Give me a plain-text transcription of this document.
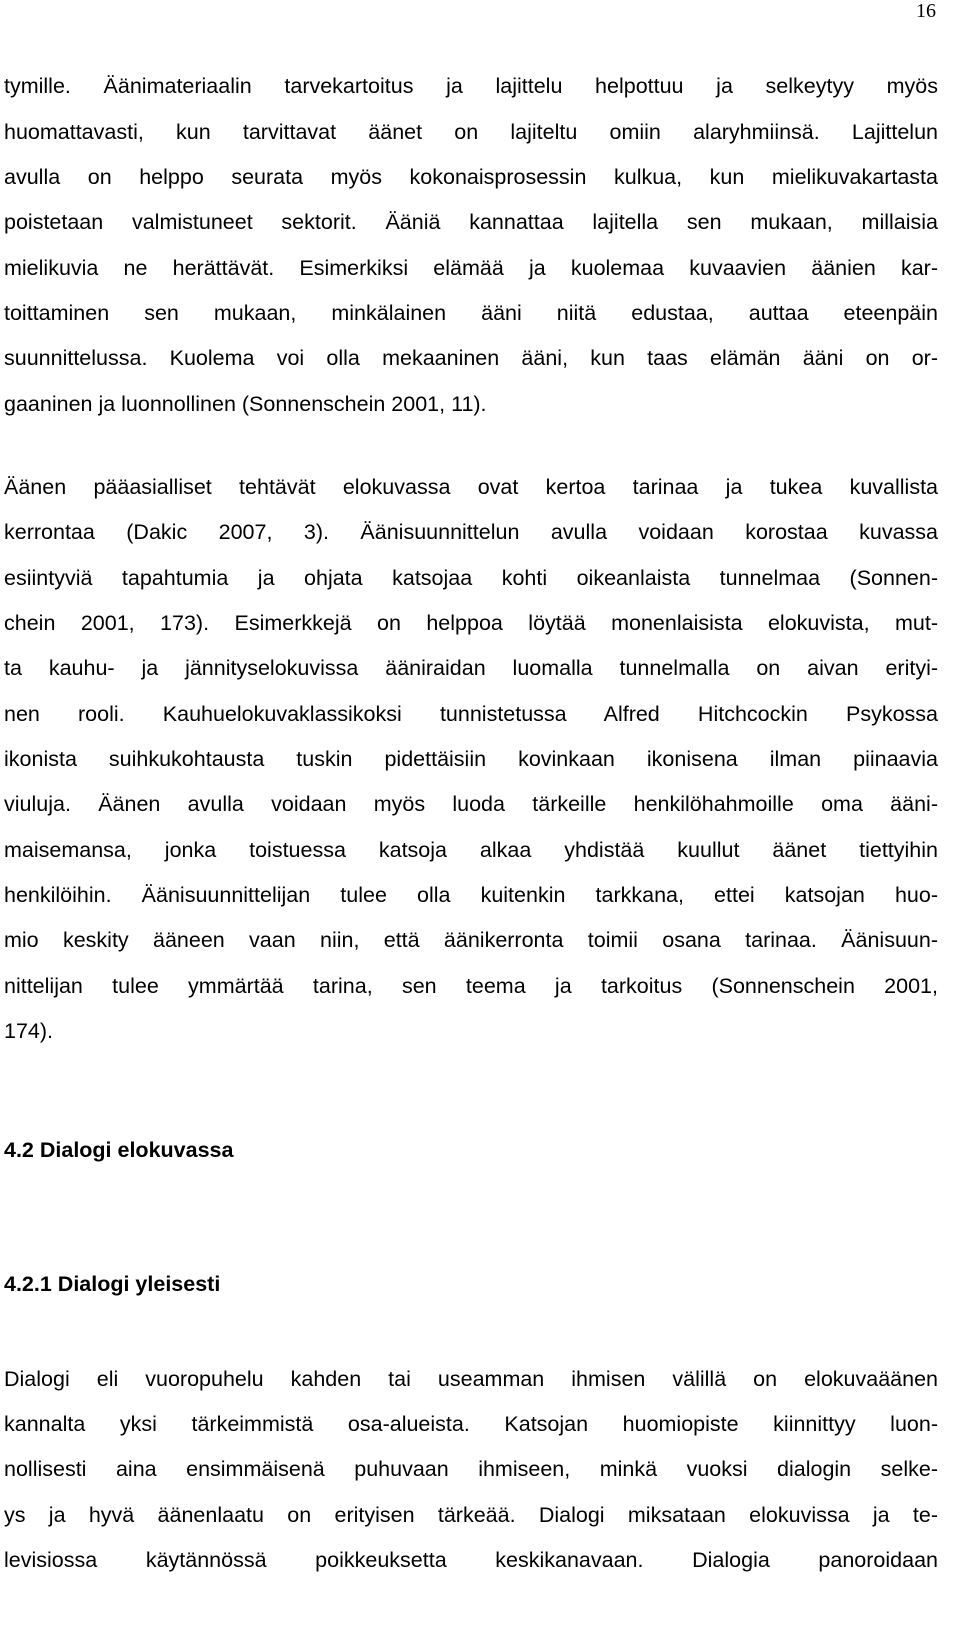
16
tymille. Äänimateriaalin tarvekartoitus ja lajittelu helpottuu ja selkeytyy myös
huomattavasti, kun tarvittavat äänet on lajiteltu omiin alaryhmiinsä. Lajittelun
avulla on helppo seurata myös kokonaisprosessin kulkua, kun mielikuvakartasta
poistetaan valmistuneet sektorit. Ääniä kannattaa lajitella sen mukaan, millaisia
mielikuvia ne herättävät. Esimerkiksi elämää ja kuolemaa kuvaavien äänien kar-
toittaminen sen mukaan, minkälainen ääni niitä edustaa, auttaa eteenpäin
suunnittelussa. Kuolema voi olla mekaaninen ääni, kun taas elämän ääni on or-
gaaninen ja luonnollinen (Sonnenschein 2001, 11).
Äänen pääasialliset tehtävät elokuvassa ovat kertoa tarinaa ja tukea kuvallista
kerrontaa (Dakic 2007, 3). Äänisuunnittelun avulla voidaan korostaa kuvassa
esiintyviä tapahtumia ja ohjata katsojaa kohti oikeanlaista tunnelmaa (Sonnen-
chein 2001, 173). Esimerkkejä on helppoa löytää monenlaisista elokuvista, mut-
ta kauhu- ja jännityselokuvissa ääniraidan luomalla tunnelmalla on aivan erityi-
nen rooli. Kauhuelokuvaklassikoksi tunnistetussa Alfred Hitchcockin Psykossa
ikonista suihkukohtausta tuskin pidettäisiin kovinkaan ikonisena ilman piinaavia
viuluja. Äänen avulla voidaan myös luoda tärkeille henkilöhahmoille oma ääni-
maisemansa, jonka toistuessa katsoja alkaa yhdistää kuullut äänet tiettyihin
henkilöihin. Äänisuunnittelijan tulee olla kuitenkin tarkkana, ettei katsojan huo-
mio keskity ääneen vaan niin, että äänikerronta toimii osana tarinaa. Äänisuun-
nittelijan tulee ymmärtää tarina, sen teema ja tarkoitus (Sonnenschein 2001,
174).
4.2 Dialogi elokuvassa
4.2.1 Dialogi yleisesti
Dialogi eli vuoropuhelu kahden tai useamman ihmisen välillä on elokuvaäänen
kannalta yksi tärkeimmistä osa-alueista. Katsojan huomiopiste kiinnittyy luon-
nollisesti aina ensimmäisenä puhuvaan ihmiseen, minkä vuoksi dialogin selke-
ys ja hyvä äänenlaatu on erityisen tärkeää. Dialogi miksataan elokuvissa ja te-
levisiossa käytännössä poikkeuksetta keskikanavaan. Dialogia panoroidaan
